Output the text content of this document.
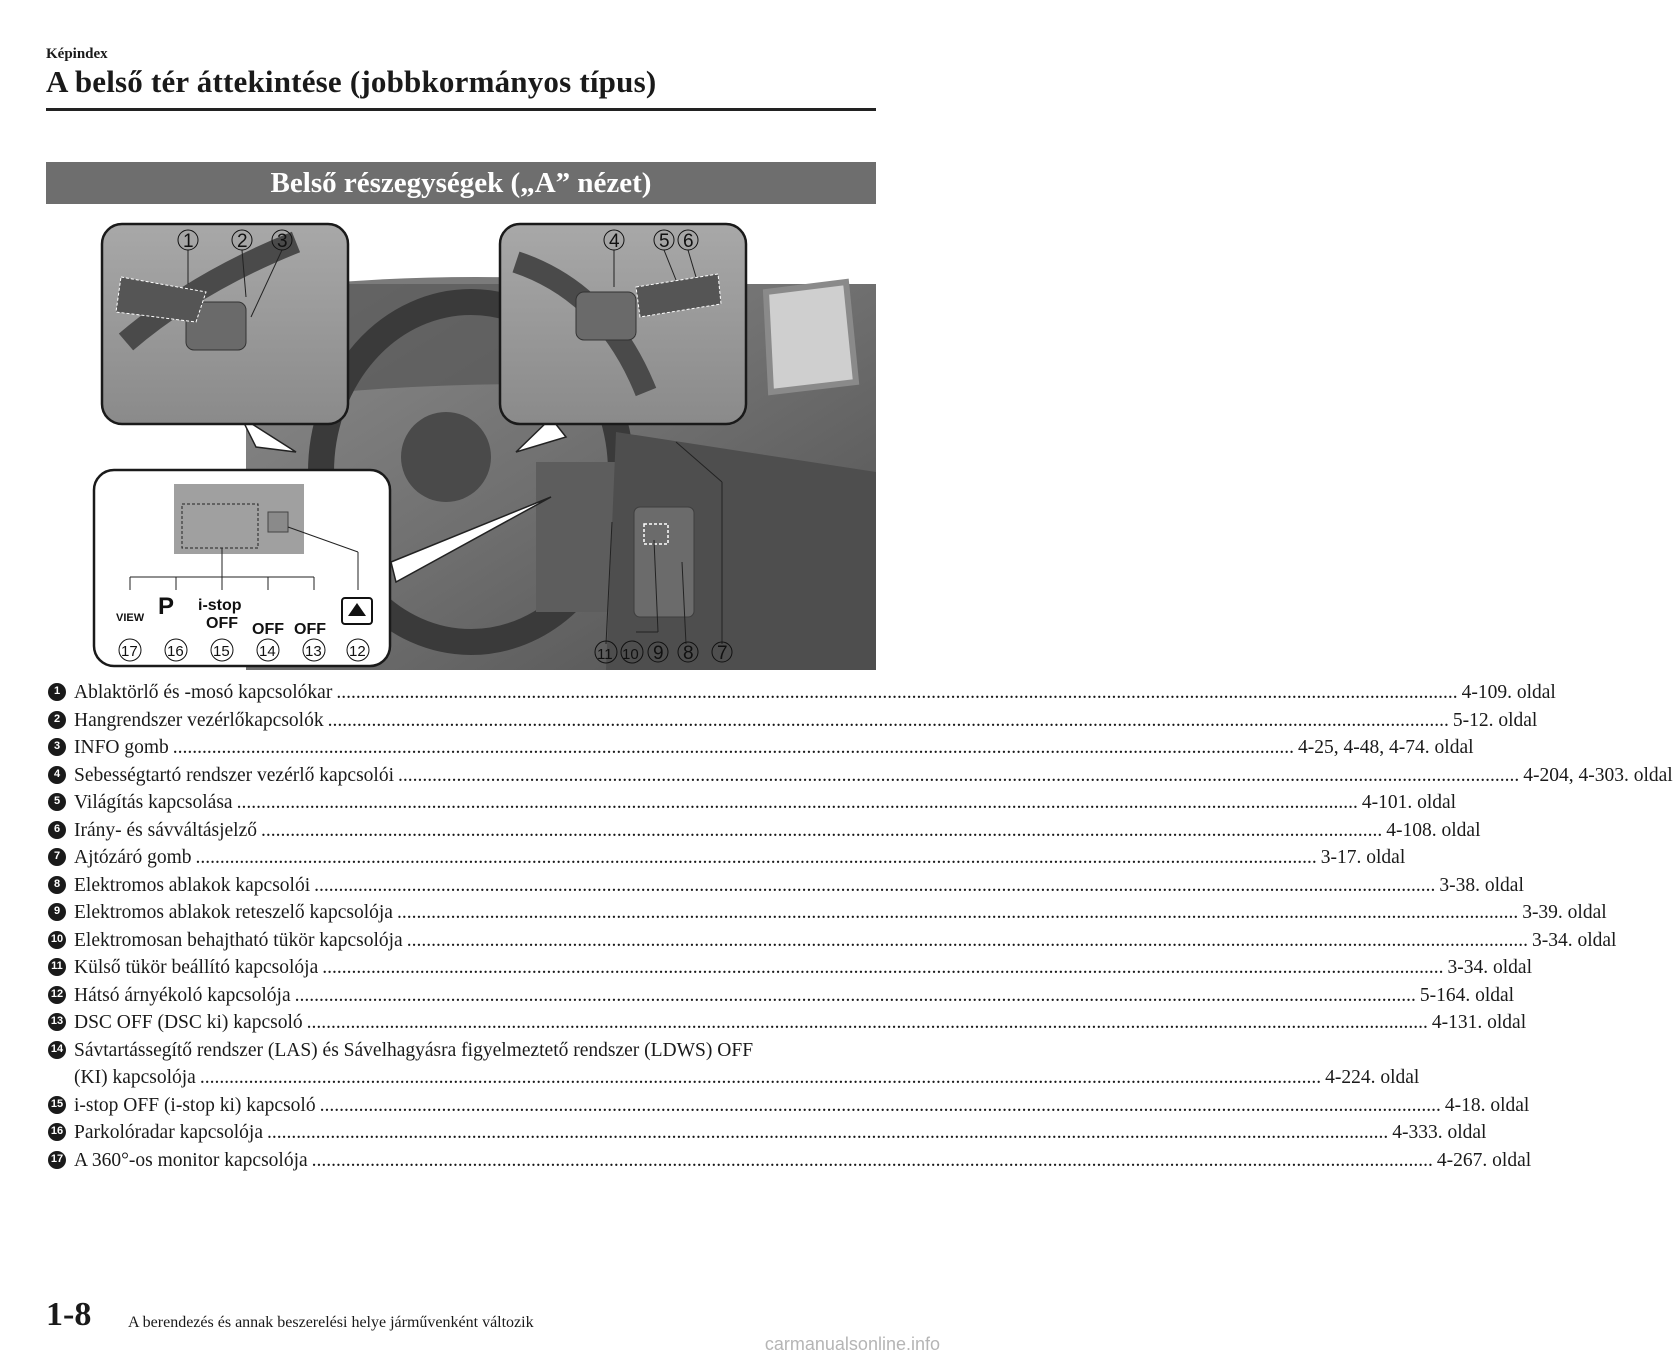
Képindex
A belső tér áttekintése (jobbkormányos típus)
Belső részegységek („A” nézet)
VIEW P i-stop
OFF OFF OFF
1 2 3	4 5 6
7
8
9
10
11
12
13
14
15
16
17
1 Ablaktörlő és -mosó kapcsolókar .....	4-109. oldal
2 Hangrendszer vezérlőkapcsolók .....	5-12. oldal
3 INFO gomb .....	4-25, 4-48, 4-74. oldal
4 Sebességtartó rendszer vezérlő kapcsolói .....	4-204, 4-303. oldal
5 Világítás kapcsolása .....	4-101. oldal
6 Irány- és sávváltásjelző .....	4-108. oldal
7 Ajtózáró gomb .....	3-17. oldal
8 Elektromos ablakok kapcsolói .....	3-38. oldal
9 Elektromos ablakok reteszelő kapcsolója .....	3-39. oldal
10 Elektromosan behajtható tükör kapcsolója .....	3-34. oldal
11 Külső tükör beállító kapcsolója .....	3-34. oldal
12 Hátsó árnyékoló kapcsolója .....	5-164. oldal
13 DSC OFF (DSC ki) kapcsoló .....	4-131. oldal
14 Sávtartássegítő rendszer (LAS) és Sávelhagyásra figyelmeztető rendszer (LDWS) OFF
(KI) kapcsolója .....	4-224. oldal
15 i-stop OFF (i-stop ki) kapcsoló .....	4-18. oldal
16 Parkolóradar kapcsolója .....	4-333. oldal
17 A 360°-os monitor kapcsolója .....	4-267. oldal
1-8 A berendezés és annak beszerelési helye járművenként változik
carmanualsonline.info
